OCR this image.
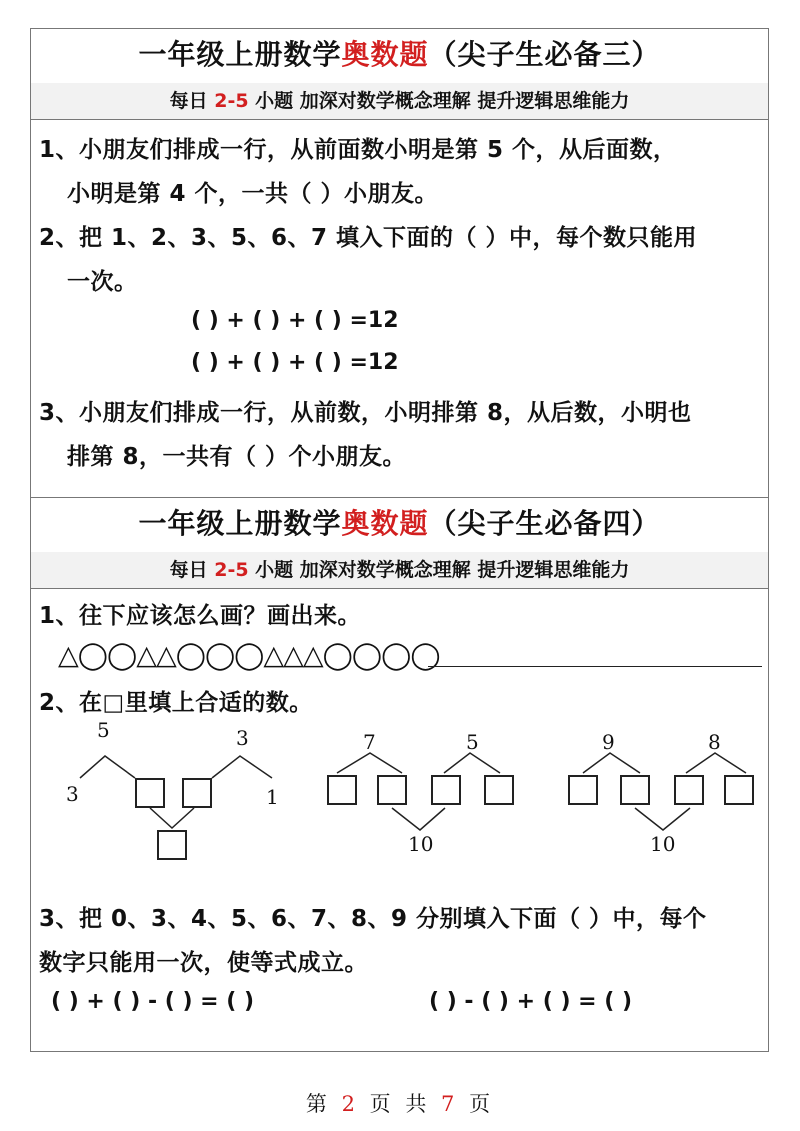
一年级上册数学奥数题（尖子生必备三）
每日 2-5 小题 加深对数学概念理解 提升逻辑思维能力
1、小朋友们排成一行，从前面数小明是第 5 个，从后面数，
小明是第 4 个，一共（ ）小朋友。
2、把 1、2、3、5、6、7 填入下面的（ ）中，每个数只能用
一次。
( ) + ( ) + ( ) =12
( ) + ( ) + ( ) =12
3、小朋友们排成一行，从前数，小明排第 8，从后数，小明也
排第 8，一共有（ ）个小朋友。
一年级上册数学奥数题（尖子生必备四）
每日 2-5 小题 加深对数学概念理解 提升逻辑思维能力
1、往下应该怎么画？画出来。
2、在□里填上合适的数。
3、把 0、3、4、5、6、7、8、9 分别填入下面（ ）中，每个
数字只能用一次，使等式成立。
( ) + ( ) - ( ) = ( )	( ) - ( ) + ( ) = ( )
△◯◯△△◯◯◯△△△◯◯◯◯
5	3
3	1
7	5
10
9	8
10
第 2 页 共 7 页
